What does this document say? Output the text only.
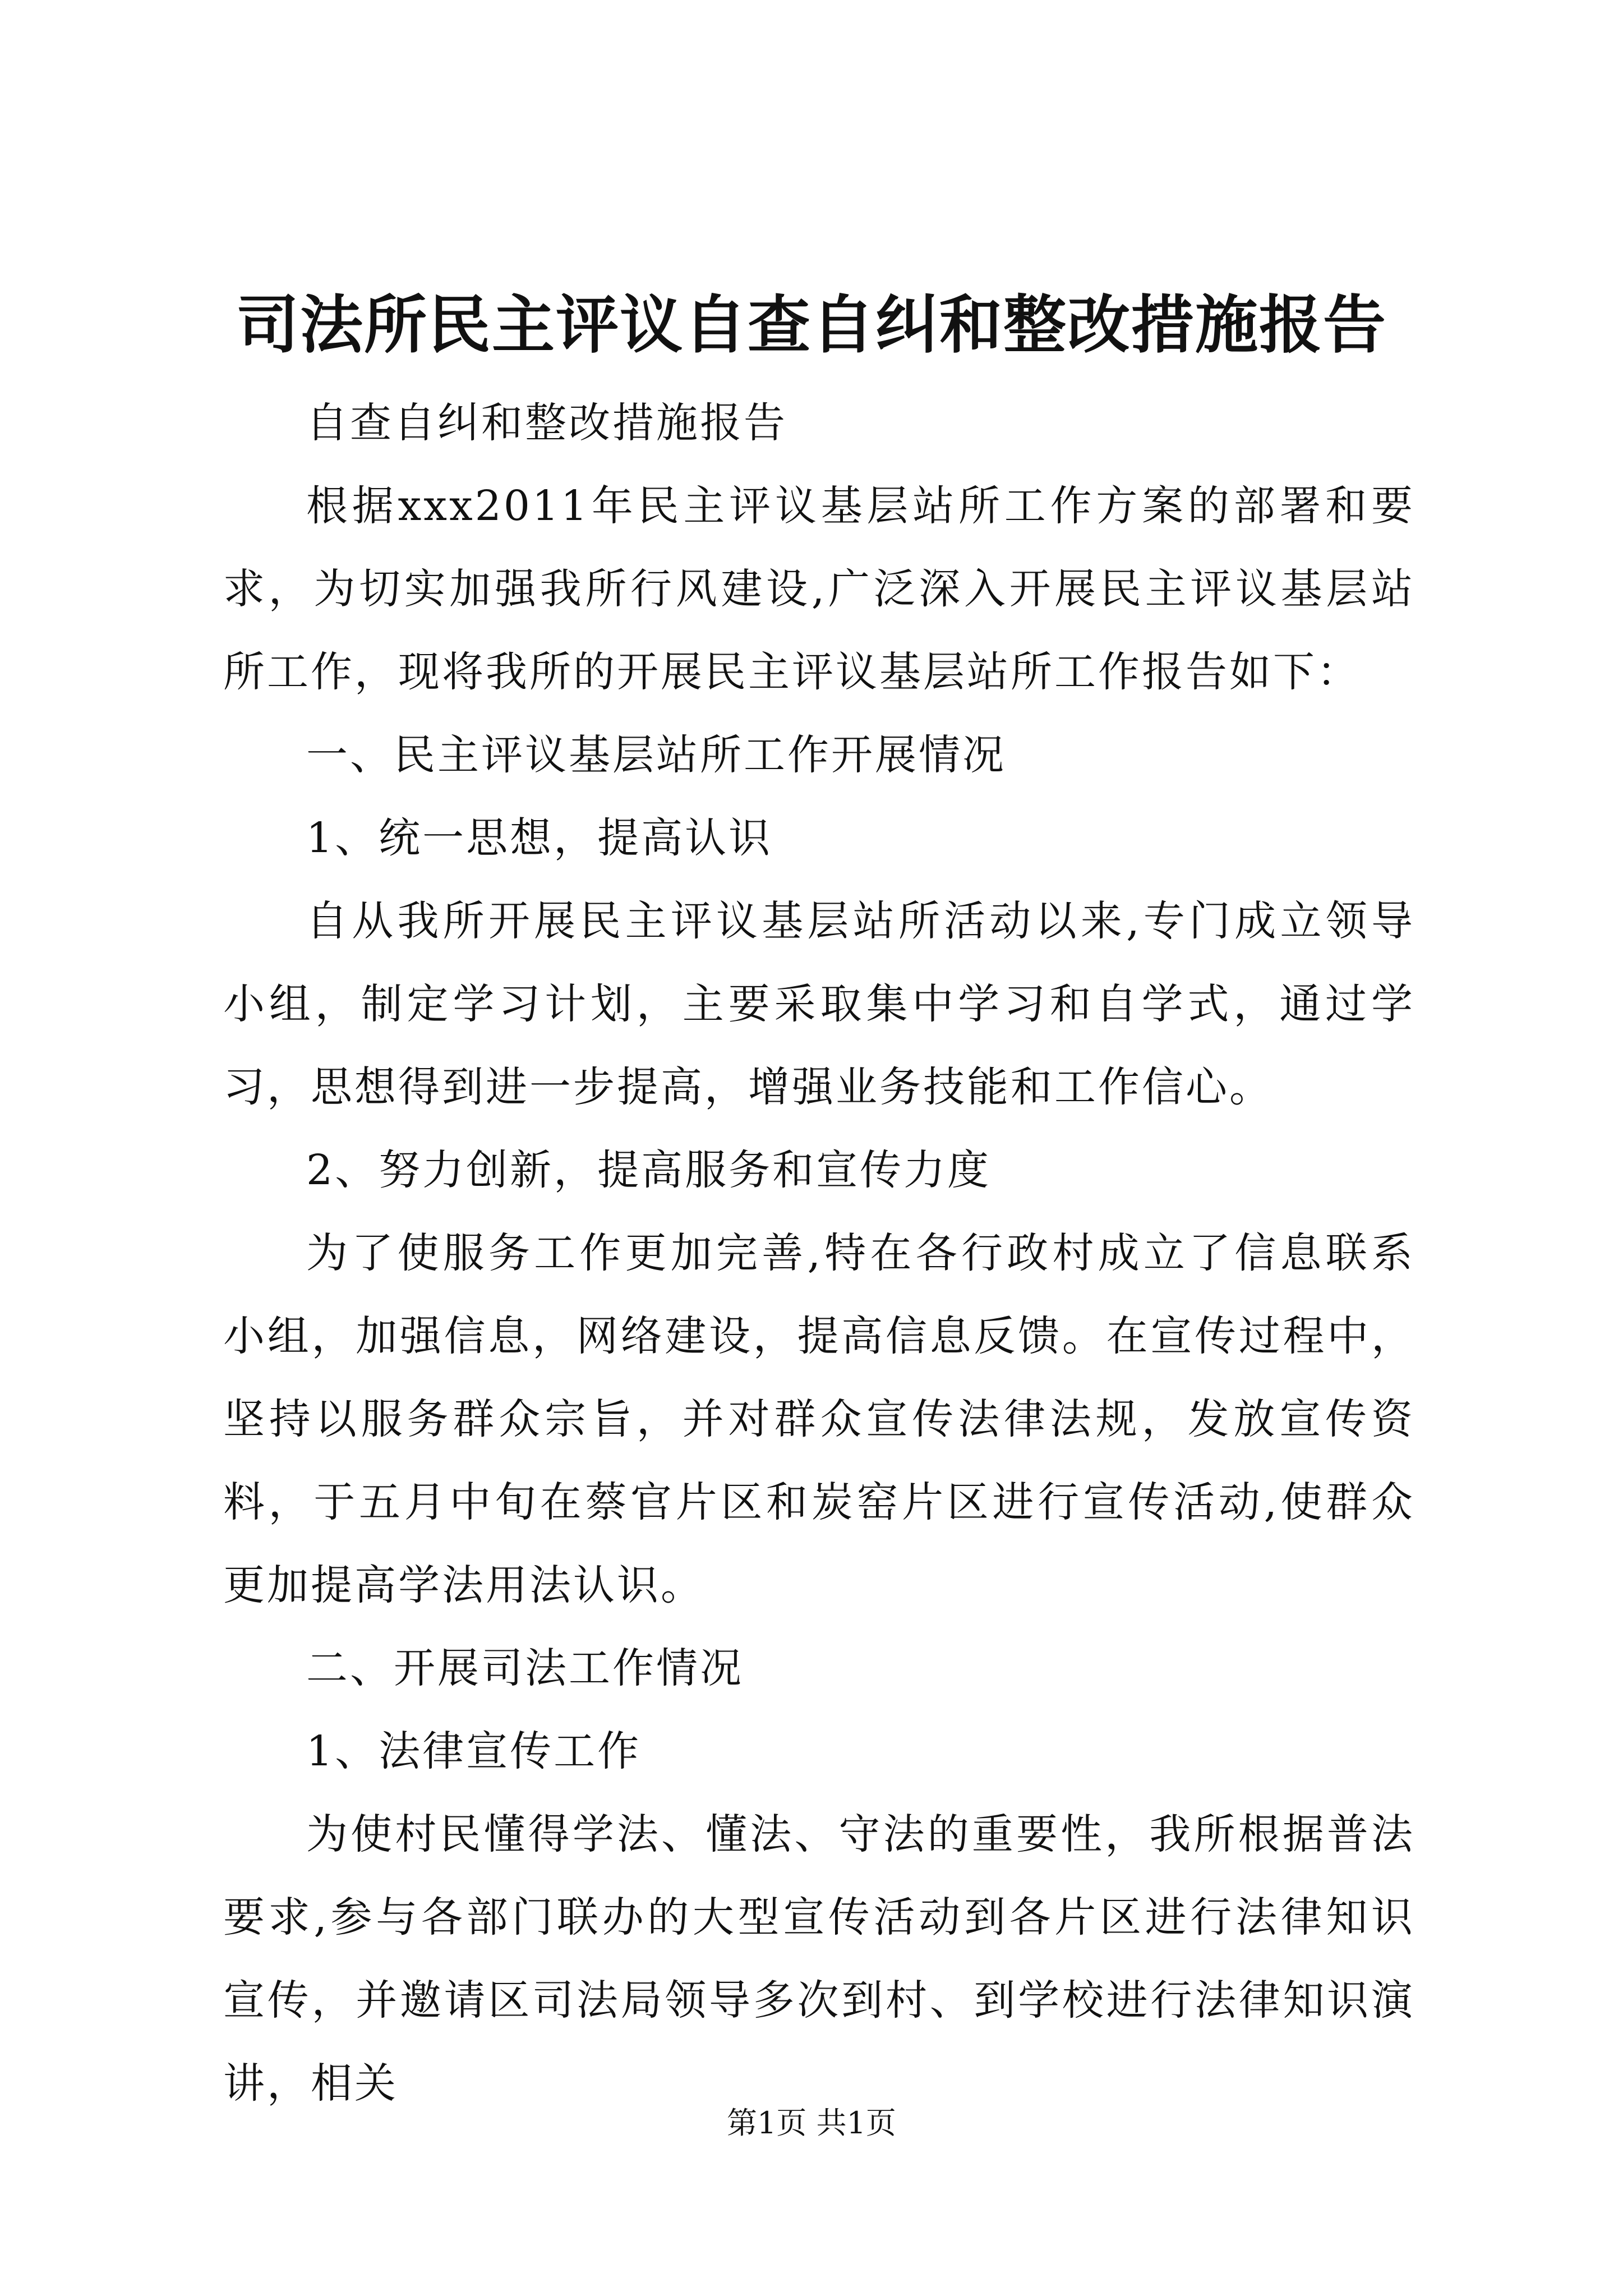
司法所民主评议自查自纠和整改措施报告

自查自纠和整改措施报告

根据xxx2011年民主评议基层站所工作方案的部署和要求，为切实加强我所行风建设,广泛深入开展民主评议基层站所工作，现将我所的开展民主评议基层站所工作报告如下：

一、民主评议基层站所工作开展情况

1、统一思想，提高认识

自从我所开展民主评议基层站所活动以来,专门成立领导小组，制定学习计划，主要采取集中学习和自学式，通过学习，思想得到进一步提高，增强业务技能和工作信心。

2、努力创新，提高服务和宣传力度

为了使服务工作更加完善,特在各行政村成立了信息联系小组，加强信息，网络建设，提高信息反馈。在宣传过程中，坚持以服务群众宗旨，并对群众宣传法律法规，发放宣传资料，于五月中旬在蔡官片区和炭窑片区进行宣传活动,使群众更加提高学法用法认识。

二、开展司法工作情况

1、法律宣传工作

为使村民懂得学法、懂法、守法的重要性，我所根据普法要求,参与各部门联办的大型宣传活动到各片区进行法律知识宣传，并邀请区司法局领导多次到村、到学校进行法律知识演讲，相关

第1页 共1页
